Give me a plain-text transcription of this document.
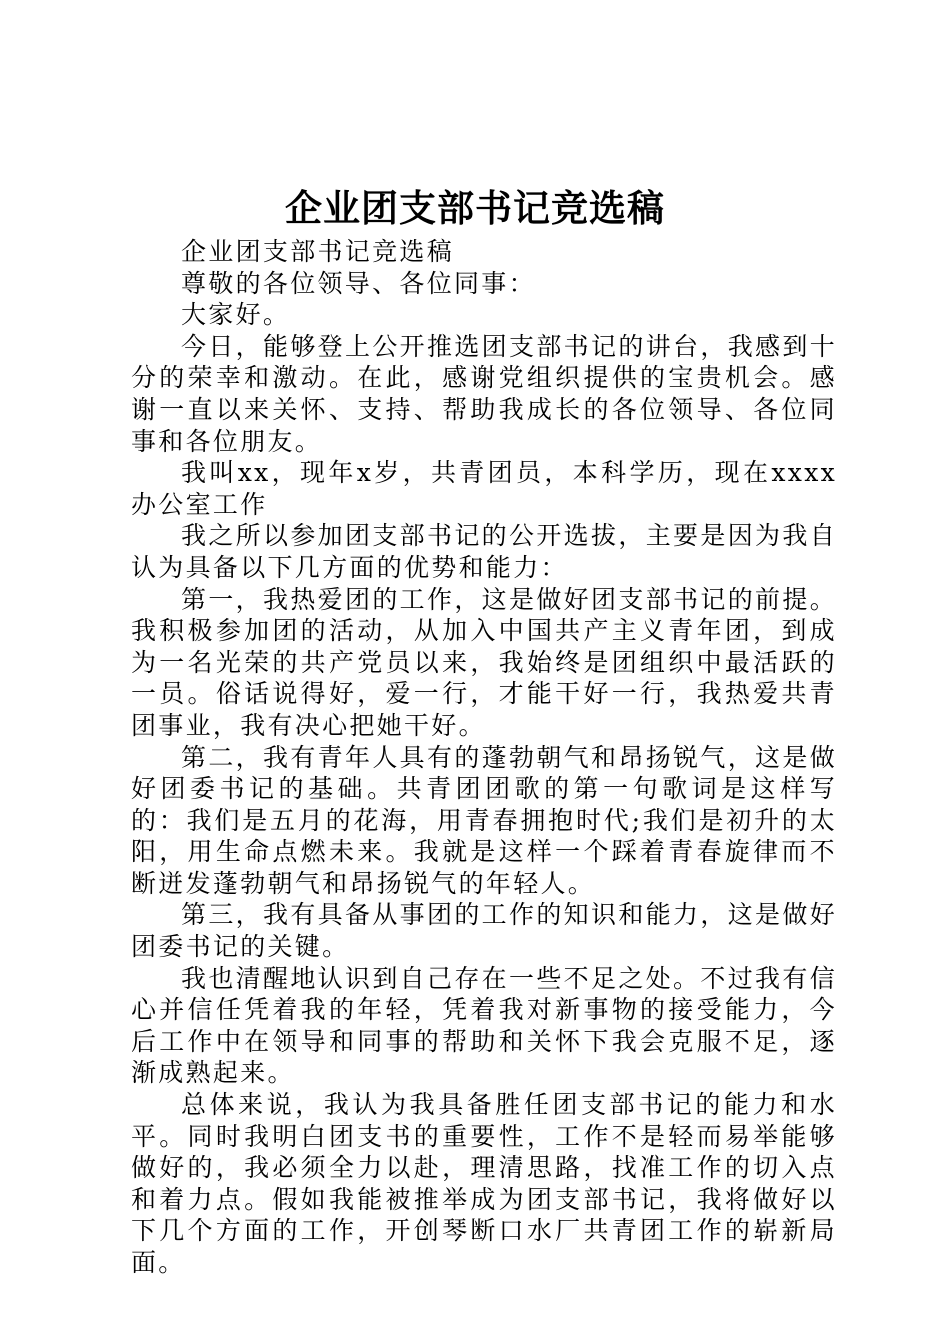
企业团支部书记竞选稿

企业团支部书记竞选稿

尊敬的各位领导、各位同事：

大家好。

今日，能够登上公开推选团支部书记的讲台，我感到十分的荣幸和激动。在此，感谢党组织提供的宝贵机会。感谢一直以来关怀、支持、帮助我成长的各位领导、各位同事和各位朋友。

我叫xx，现年x岁，共青团员，本科学历，现在xxxx办公室工作

我之所以参加团支部书记的公开选拔，主要是因为我自认为具备以下几方面的优势和能力：

第一，我热爱团的工作，这是做好团支部书记的前提。我积极参加团的活动，从加入中国共产主义青年团，到成为一名光荣的共产党员以来，我始终是团组织中最活跃的一员。俗话说得好，爱一行，才能干好一行，我热爱共青团事业，我有决心把她干好。

第二，我有青年人具有的蓬勃朝气和昂扬锐气，这是做好团委书记的基础。共青团团歌的第一句歌词是这样写的：我们是五月的花海，用青春拥抱时代;我们是初升的太阳，用生命点燃未来。我就是这样一个踩着青春旋律而不断迸发蓬勃朝气和昂扬锐气的年轻人。

第三，我有具备从事团的工作的知识和能力，这是做好团委书记的关键。

我也清醒地认识到自己存在一些不足之处。不过我有信心并信任凭着我的年轻，凭着我对新事物的接受能力，今后工作中在领导和同事的帮助和关怀下我会克服不足，逐渐成熟起来。

总体来说，我认为我具备胜任团支部书记的能力和水平。同时我明白团支书的重要性，工作不是轻而易举能够做好的，我必须全力以赴，理清思路，找准工作的切入点和着力点。假如我能被推举成为团支部书记，我将做好以下几个方面的工作，开创琴断口水厂共青团工作的崭新局面。
